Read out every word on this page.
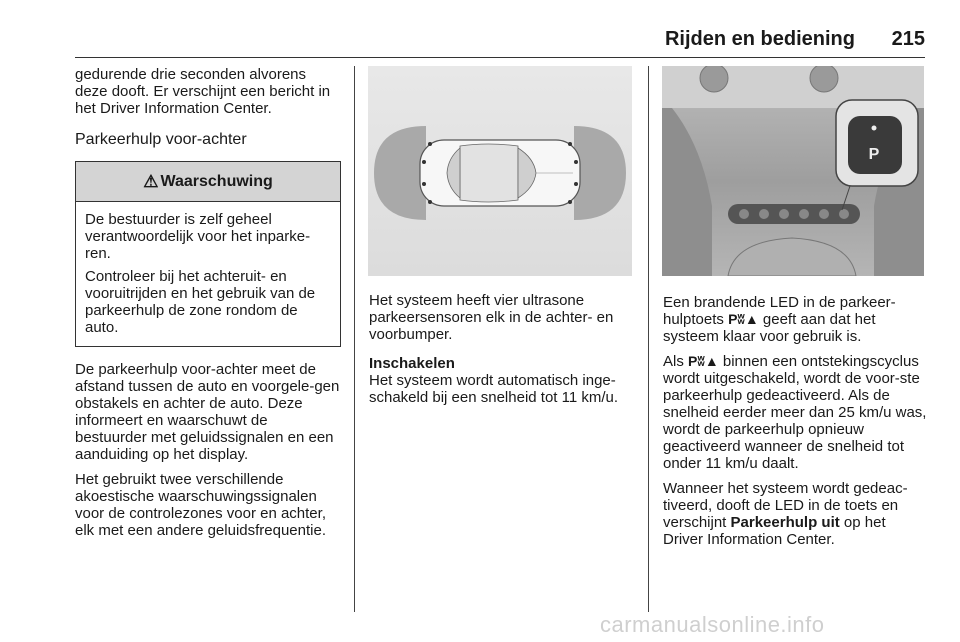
Rijden en bediening 215

gedurende drie seconden alvorens deze dooft. Er verschijnt een bericht in het Driver Information Center.

Parkeerhulp voor-achter
⚠ Waarschuwing

De bestuurder is zelf geheel verantwoordelijk voor het inparke-ren.

Controleer bij het achteruit- en vooruitrijden en het gebruik van de parkeerhulp de zone rondom de auto.

De parkeerhulp voor-achter meet de afstand tussen de auto en voorgele-gen obstakels en achter de auto. Deze informeert en waarschuwt de bestuurder met geluidssignalen en een aanduiding op het display.

Het gebruikt twee verschillende akoestische waarschuwingssignalen voor de controlezones voor en achter, elk met een andere geluidsfrequentie.

Het systeem heeft vier ultrasone parkeersensoren elk in de achter- en voorbumper.

Inschakelen

Het systeem wordt automatisch inge-schakeld bij een snelheid tot 11 km/u.

P

Een brandende LED in de parkeer-hulptoets Pʬ▲ geeft aan dat het systeem klaar voor gebruik is.

Als Pʬ▲ binnen een ontstekingscyclus wordt uitgeschakeld, wordt de voor-ste parkeerhulp gedeactiveerd. Als de snelheid eerder meer dan 25 km/u was, wordt de parkeerhulp opnieuw geactiveerd wanneer de snelheid tot onder 11 km/u daalt.

Wanneer het systeem wordt gedeac-tiveerd, dooft de LED in de toets en verschijnt Parkeerhulp uit op het Driver Information Center.

carmanualsonline.info
